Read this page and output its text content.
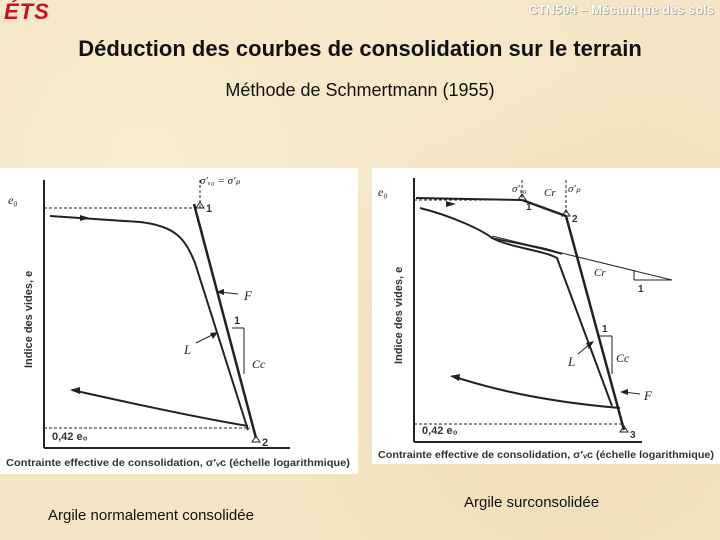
ÉTS	CTN504 – Mécanique des sols
Déduction des courbes de consolidation sur le terrain
Méthode de Schmertmann (1955)
e₀
σ′ᵥ₀ = σ′ₚ
1
2
F
L
1
Cc
0,42 e₀
Indice des vides, e
Contrainte effective de consolidation, σ′ᵥc (échelle logarithmique)
e₀	σ′ᵥ₀ Cr σ′ₚ
1
2
3
Cr
1
L	Cc
1
F
0,42 e₀
Indice des vides, e
Contrainte effective de consolidation, σ′ᵥc (échelle logarithmique)
Argile normalement consolidée
Argile surconsolidée
